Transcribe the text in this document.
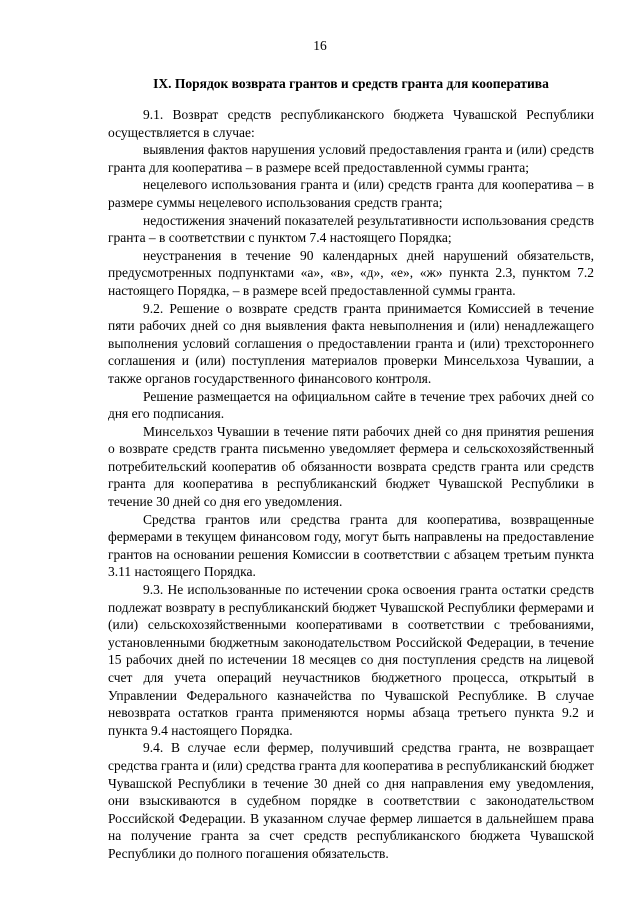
16
IX. Порядок возврата грантов и средств гранта для кооператива

9.1. Возврат средств республиканского бюджета Чувашской Республики осуществляется в случае:

выявления фактов нарушения условий предоставления гранта и (или) средств гранта для кооператива – в размере всей предоставленной суммы гранта;

нецелевого использования гранта и (или) средств гранта для кооператива – в размере суммы нецелевого использования средств гранта;

недостижения значений показателей результативности использования средств гранта – в соответствии с пунктом 7.4 настоящего Порядка;

неустранения в течение 90 календарных дней нарушений обязательств, предусмотренных подпунктами «а», «в», «д», «е», «ж» пункта 2.3, пунктом 7.2 настоящего Порядка, – в размере всей предоставленной суммы гранта.

9.2. Решение о возврате средств гранта принимается Комиссией в течение пяти рабочих дней со дня выявления факта невыполнения и (или) ненадлежащего выполнения условий соглашения о предоставлении гранта и (или) трехстороннего соглашения и (или) поступления материалов проверки Минсельхоза Чувашии, а также органов государственного финансового контроля.

Решение размещается на официальном сайте в течение трех рабочих дней со дня его подписания.

Минсельхоз Чувашии в течение пяти рабочих дней со дня принятия решения о возврате средств гранта письменно уведомляет фермера и сельскохозяйственный потребительский кооператив об обязанности возврата средств гранта или средств гранта для кооператива в республиканский бюджет Чувашской Республики в течение 30 дней со дня его уведомления.

Средства грантов или средства гранта для кооператива, возвращенные фермерами в текущем финансовом году, могут быть направлены на предоставление грантов на основании решения Комиссии в соответствии с абзацем третьим пункта 3.11 настоящего Порядка.

9.3. Не использованные по истечении срока освоения гранта остатки средств подлежат возврату в республиканский бюджет Чувашской Республики фермерами и (или) сельскохозяйственными кооперативами в соответствии с требованиями, установленными бюджетным законодательством Российской Федерации, в течение 15 рабочих дней по истечении 18 месяцев со дня поступления средств на лицевой счет для учета операций неучастников бюджетного процесса, открытый в Управлении Федерального казначейства по Чувашской Республике. В случае невозврата остатков гранта применяются нормы абзаца третьего пункта 9.2 и пункта 9.4 настоящего Порядка.

9.4. В случае если фермер, получивший средства гранта, не возвращает средства гранта и (или) средства гранта для кооператива в республиканский бюджет Чувашской Республики в течение 30 дней со дня направления ему уведомления, они взыскиваются в судебном порядке в соответствии с законодательством Российской Федерации. В указанном случае фермер лишается в дальнейшем права на получение гранта за счет средств республиканского бюджета Чувашской Республики до полного погашения обязательств.
